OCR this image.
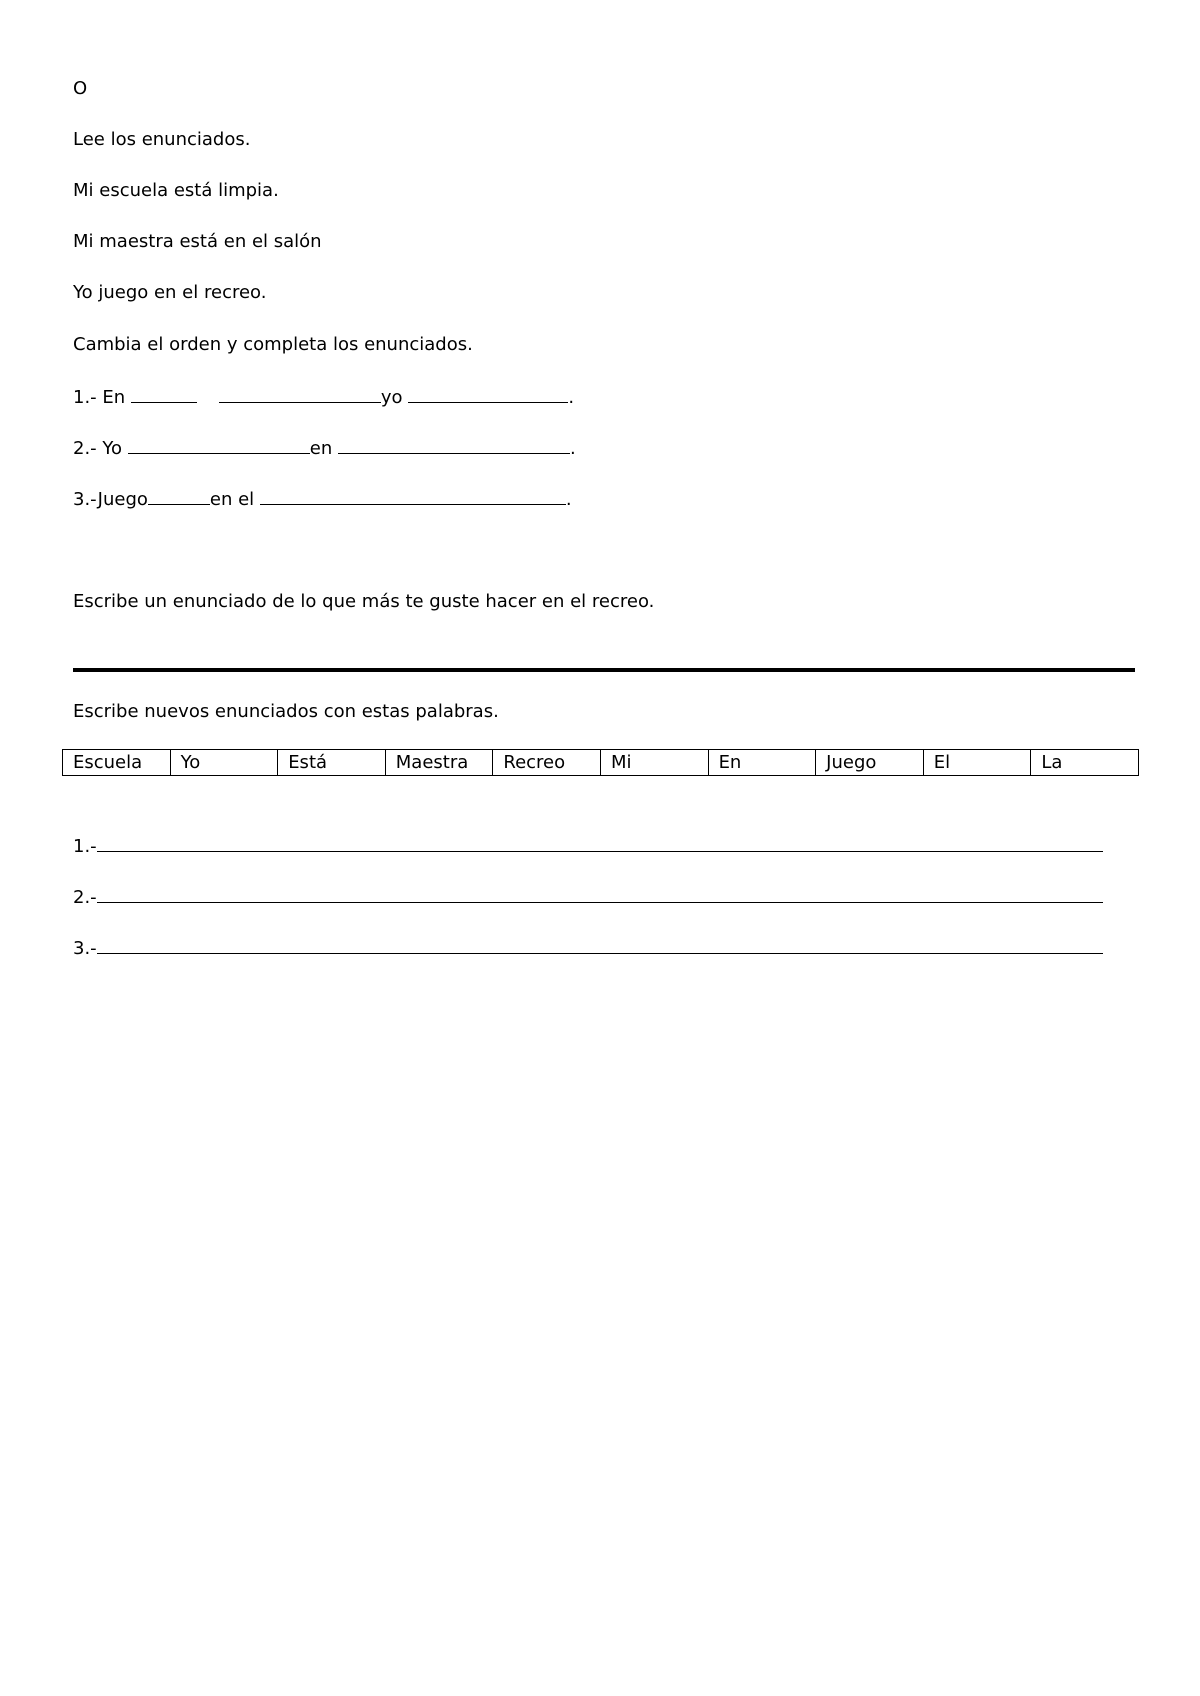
O
Lee los enunciados.
Mi escuela está limpia.
Mi maestra está en el salón
Yo juego en el recreo.
Cambia el orden y completa los enunciados.
1.- En	yo	.
2.- Yo	en	.
3.-Juego	en el	.
Escribe un enunciado de lo que más te guste hacer en el recreo.
Escribe nuevos enunciados con estas palabras.
Escuela	Yo	Está	Maestra	Recreo	Mi	En	Juego	El	La
1.-
2.-
3.-
